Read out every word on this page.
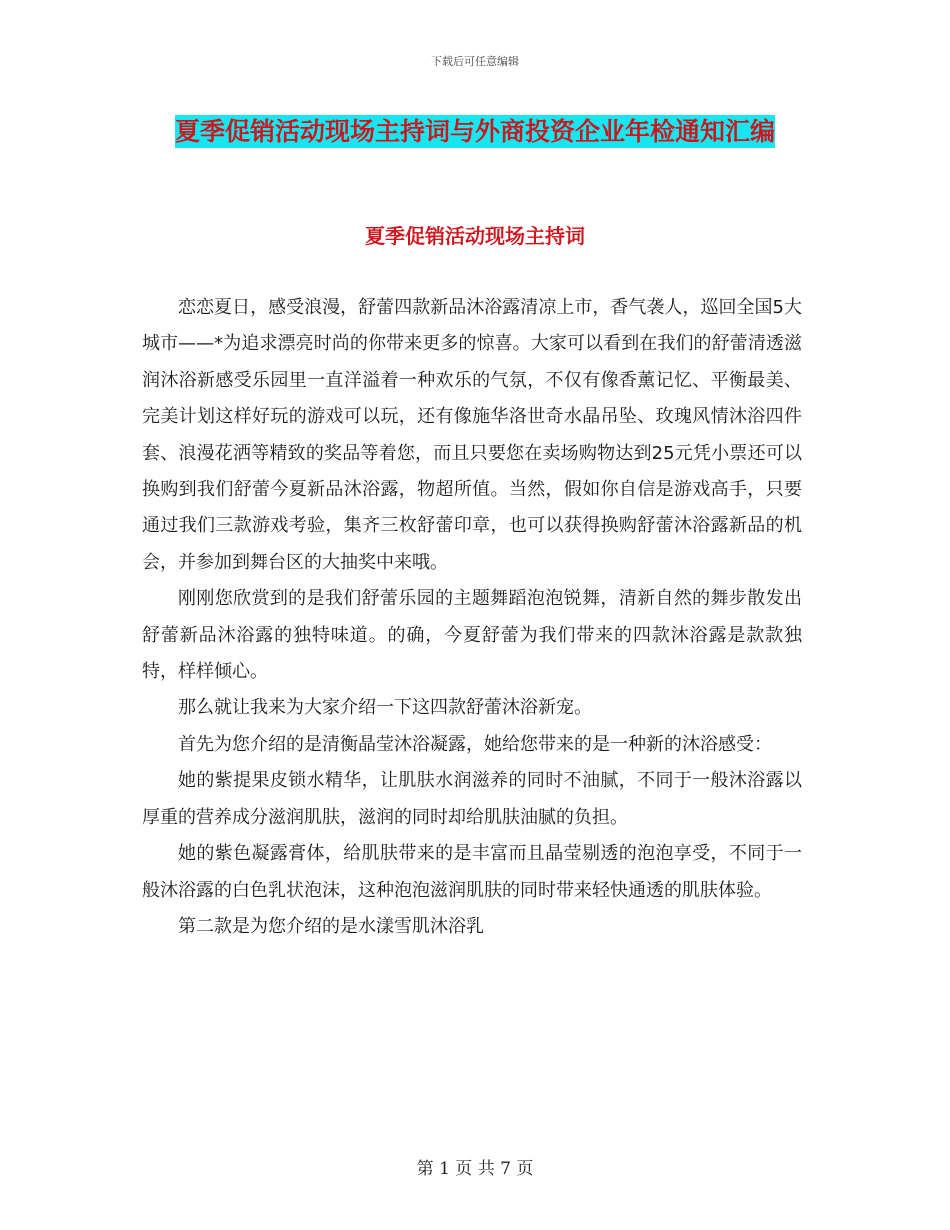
下载后可任意编辑
夏季促销活动现场主持词与外商投资企业年检通知汇编
夏季促销活动现场主持词

恋恋夏日，感受浪漫，舒蕾四款新品沐浴露清凉上市，香气袭人，巡回全国5大城市——*为追求漂亮时尚的你带来更多的惊喜。大家可以看到在我们的舒蕾清透滋润沐浴新感受乐园里一直洋溢着一种欢乐的气氛，不仅有像香薰记忆、平衡最美、完美计划这样好玩的游戏可以玩，还有像施华洛世奇水晶吊坠、玫瑰风情沐浴四件套、浪漫花洒等精致的奖品等着您，而且只要您在卖场购物达到25元凭小票还可以换购到我们舒蕾今夏新品沐浴露，物超所值。当然，假如你自信是游戏高手，只要通过我们三款游戏考验，集齐三枚舒蕾印章，也可以获得换购舒蕾沐浴露新品的机会，并参加到舞台区的大抽奖中来哦。

刚刚您欣赏到的是我们舒蕾乐园的主题舞蹈泡泡锐舞，清新自然的舞步散发出舒蕾新品沐浴露的独特味道。的确，今夏舒蕾为我们带来的四款沐浴露是款款独特，样样倾心。

那么就让我来为大家介绍一下这四款舒蕾沐浴新宠。

首先为您介绍的是清衡晶莹沐浴凝露，她给您带来的是一种新的沐浴感受：

她的紫提果皮锁水精华，让肌肤水润滋养的同时不油腻，不同于一般沐浴露以厚重的营养成分滋润肌肤，滋润的同时却给肌肤油腻的负担。

她的紫色凝露膏体，给肌肤带来的是丰富而且晶莹剔透的泡泡享受，不同于一般沐浴露的白色乳状泡沫，这种泡泡滋润肌肤的同时带来轻快通透的肌肤体验。

第二款是为您介绍的是水漾雪肌沐浴乳

第 1 页 共 7 页
